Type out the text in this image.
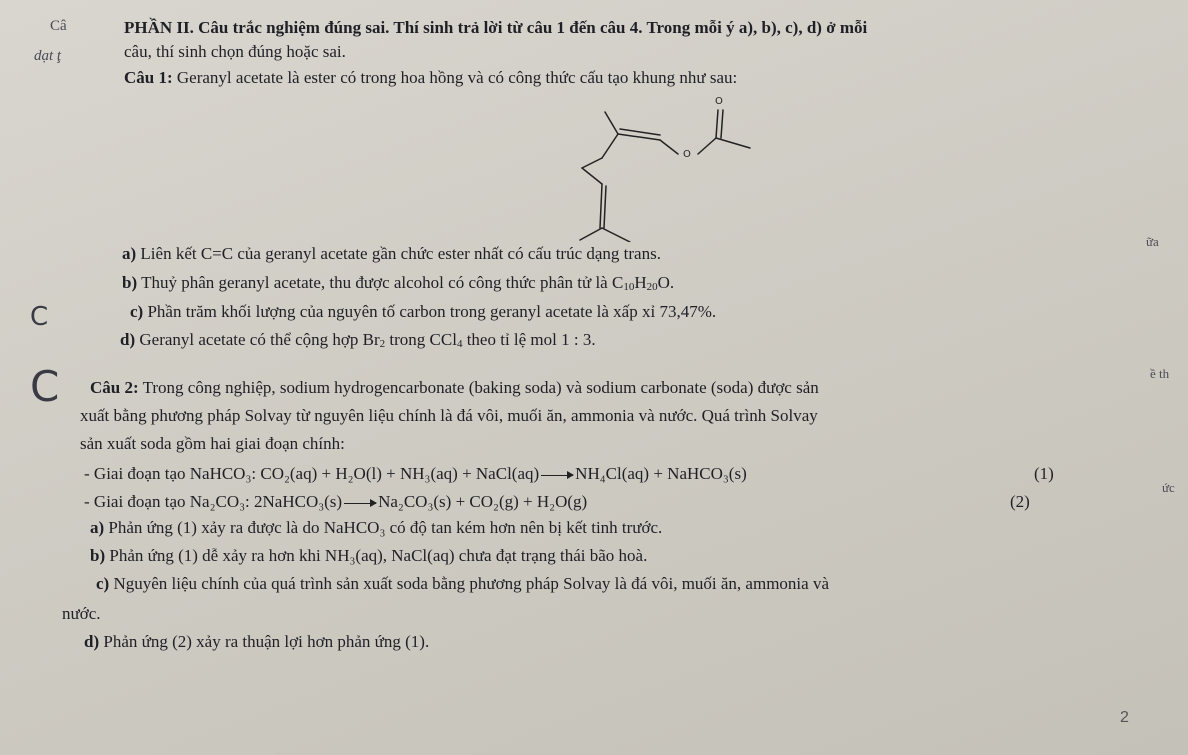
Câ
dạt ţ
C
C
ữa
ề th
ức
PHẦN II. Câu trắc nghiệm đúng sai. Thí sinh trả lời từ câu 1 đến câu 4. Trong mỗi ý a), b), c), d) ở mỗi
câu, thí sinh chọn đúng hoặc sai.
Câu 1: Geranyl acetate là ester có trong hoa hồng và có công thức cấu tạo khung như sau:
O
O
a) Liên kết C=C của geranyl acetate gần chức ester nhất có cấu trúc dạng trans.
b) Thuỷ phân geranyl acetate, thu được alcohol có công thức phân tử là $C_{10}H_{20}O$.
c) Phần trăm khối lượng của nguyên tố carbon trong geranyl acetate là xấp xỉ 73,47%.
d) Geranyl acetate có thể cộng hợp $Br_2$ trong CCl$_4$ theo tỉ lệ mol 1 : 3.
Câu 2: Trong công nghiệp, sodium hydrogencarbonate (baking soda) và sodium carbonate (soda) được sản
xuất bằng phương pháp Solvay từ nguyên liệu chính là đá vôi, muối ăn, ammonia và nước. Quá trình Solvay
sản xuất soda gồm hai giai đoạn chính:
- Giai đoạn tạo NaHCO₃: CO₂(aq) + H₂O(l) + NH₃(aq) + NaCl(aq) → NH₄Cl(aq) + NaHCO₃(s)	(1)
- Giai đoạn tạo Na₂CO₃: 2NaHCO₃(s) → Na₂CO₃(s) + CO₂(g) + H₂O(g)	(2)
a) Phản ứng (1) xảy ra được là do NaHCO₃ có độ tan kém hơn nên bị kết tinh trước.
b) Phản ứng (1) dễ xảy ra hơn khi NH₃(aq), NaCl(aq) chưa đạt trạng thái bão hoà.
c) Nguyên liệu chính của quá trình sản xuất soda bằng phương pháp Solvay là đá vôi, muối ăn, ammonia và
nước.
d) Phản ứng (2) xảy ra thuận lợi hơn phản ứng (1).
2
